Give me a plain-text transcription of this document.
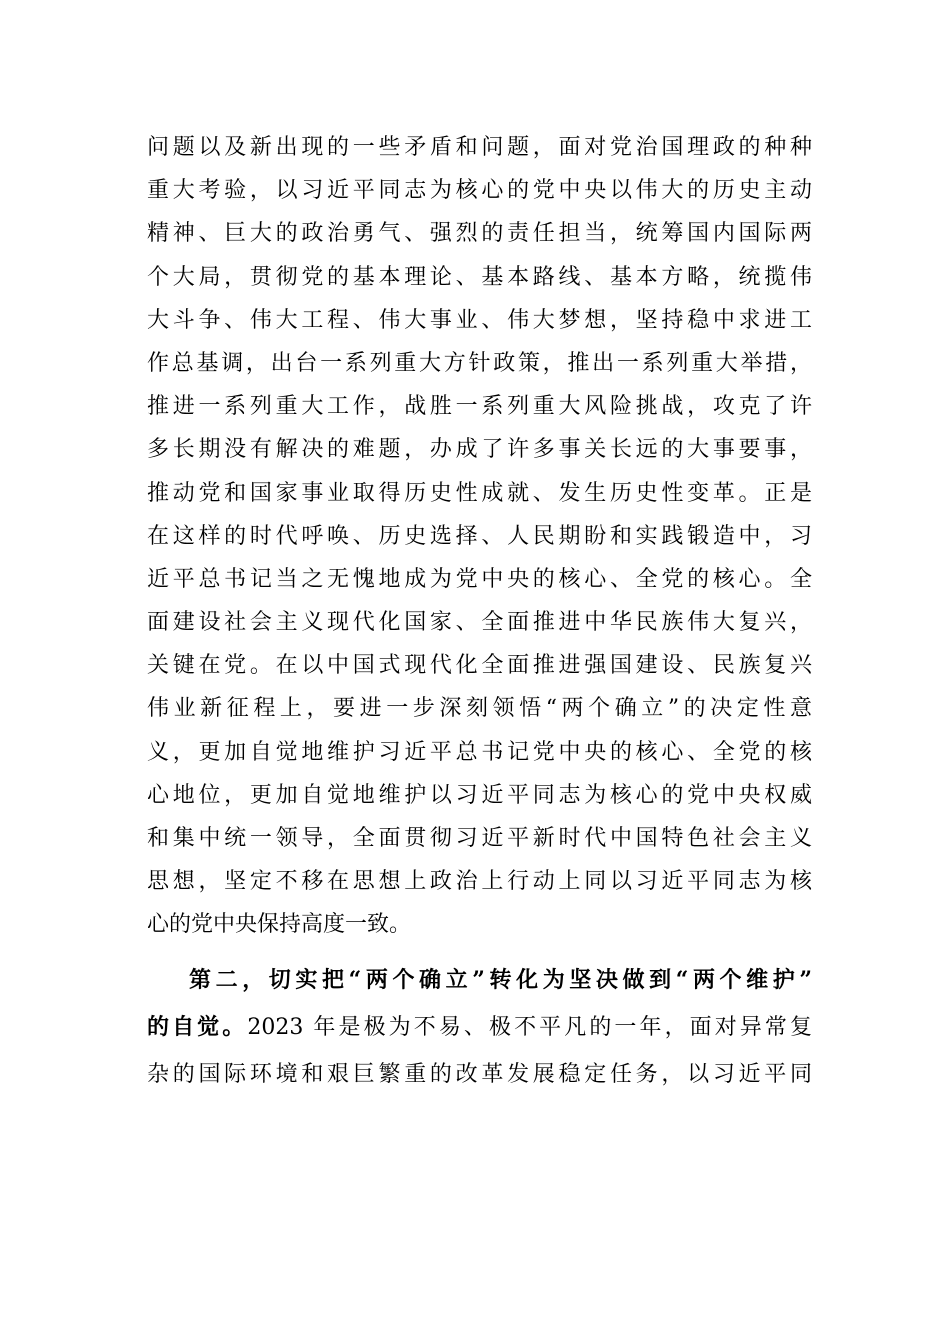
问题以及新出现的一些矛盾和问题，面对党治国理政的种种
重大考验，以习近平同志为核心的党中央以伟大的历史主动
精神、巨大的政治勇气、强烈的责任担当，统筹国内国际两
个大局，贯彻党的基本理论、基本路线、基本方略，统揽伟
大斗争、伟大工程、伟大事业、伟大梦想，坚持稳中求进工
作总基调，出台一系列重大方针政策，推出一系列重大举措，
推进一系列重大工作，战胜一系列重大风险挑战，攻克了许
多长期没有解决的难题，办成了许多事关长远的大事要事，
推动党和国家事业取得历史性成就、发生历史性变革。正是
在这样的时代呼唤、历史选择、人民期盼和实践锻造中，习
近平总书记当之无愧地成为党中央的核心、全党的核心。全
面建设社会主义现代化国家、全面推进中华民族伟大复兴，
关键在党。在以中国式现代化全面推进强国建设、民族复兴
伟业新征程上，要进一步深刻领悟“两个确立”的决定性意
义，更加自觉地维护习近平总书记党中央的核心、全党的核
心地位，更加自觉地维护以习近平同志为核心的党中央权威
和集中统一领导，全面贯彻习近平新时代中国特色社会主义
思想，坚定不移在思想上政治上行动上同以习近平同志为核
心的党中央保持高度一致。
第二，切实把“两个确立”转化为坚决做到“两个维护”
的自觉。2023 年是极为不易、极不平凡的一年，面对异常复
杂的国际环境和艰巨繁重的改革发展稳定任务，以习近平同
